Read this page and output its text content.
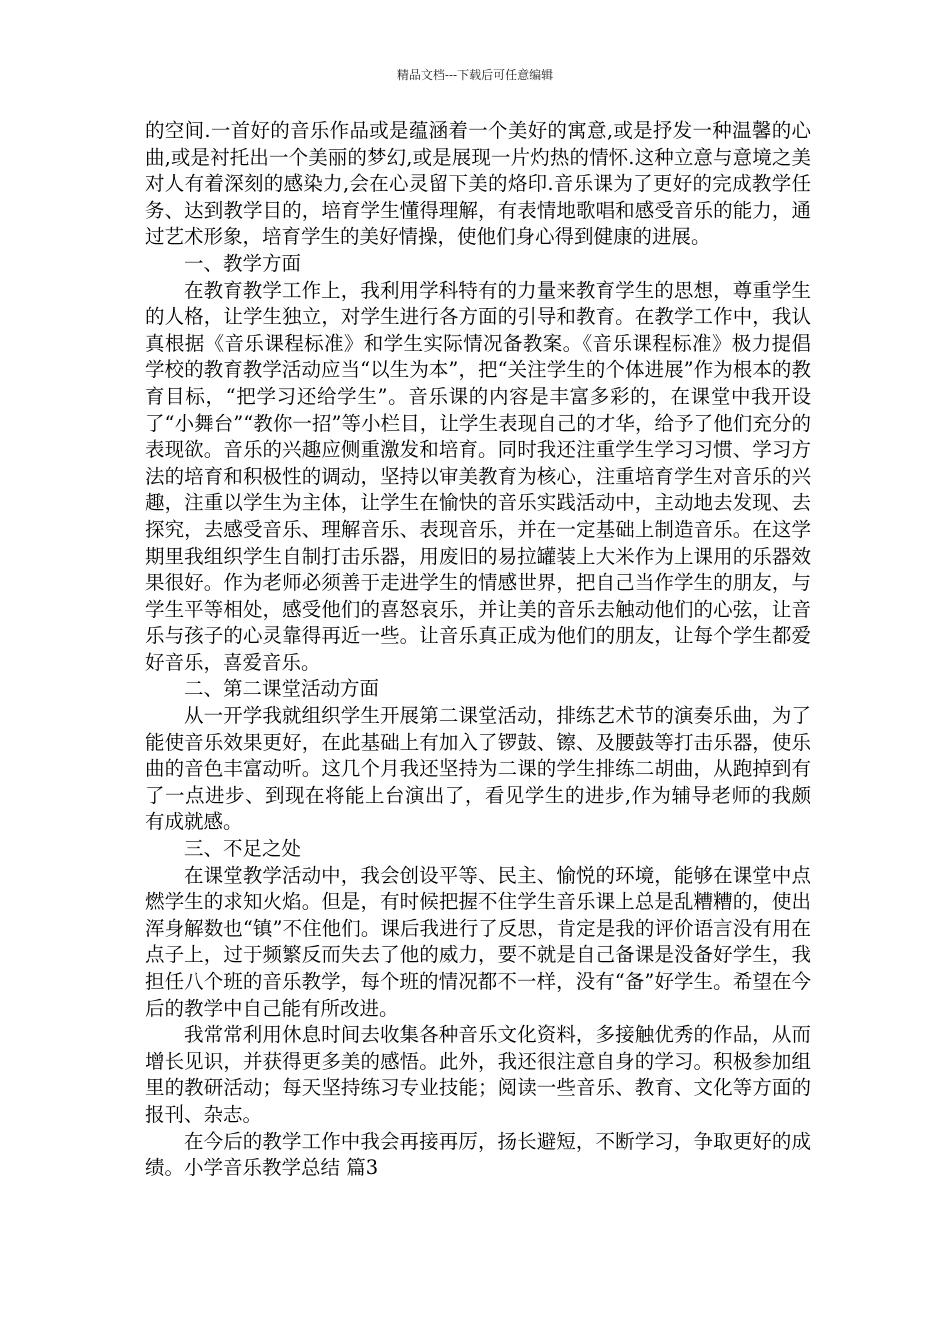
精品文档---下载后可任意编辑

的空间.一首好的音乐作品或是蕴涵着一个美好的寓意,或是抒发一种温馨的心曲,或是衬托出一个美丽的梦幻,或是展现一片灼热的情怀.这种立意与意境之美对人有着深刻的感染力,会在心灵留下美的烙印.音乐课为了更好的完成教学任务、达到教学目的，培育学生懂得理解，有表情地歌唱和感受音乐的能力，通过艺术形象，培育学生的美好情操，使他们身心得到健康的进展。

一、教学方面

在教育教学工作上，我利用学科特有的力量来教育学生的思想，尊重学生的人格，让学生独立，对学生进行各方面的引导和教育。在教学工作中，我认真根据《音乐课程标准》和学生实际情况备教案。《音乐课程标准》极力提倡学校的教育教学活动应当“以生为本”，把“关注学生的个体进展”作为根本的教育目标，“把学习还给学生”。音乐课的内容是丰富多彩的，在课堂中我开设了“小舞台”“教你一招”等小栏目，让学生表现自己的才华，给予了他们充分的表现欲。音乐的兴趣应侧重激发和培育。同时我还注重学生学习习惯、学习方法的培育和积极性的调动，坚持以审美教育为核心，注重培育学生对音乐的兴趣，注重以学生为主体，让学生在愉快的音乐实践活动中，主动地去发现、去探究，去感受音乐、理解音乐、表现音乐，并在一定基础上制造音乐。在这学期里我组织学生自制打击乐器，用废旧的易拉罐装上大米作为上课用的乐器效果很好。作为老师必须善于走进学生的情感世界，把自己当作学生的朋友，与学生平等相处，感受他们的喜怒哀乐，并让美的音乐去触动他们的心弦，让音乐与孩子的心灵靠得再近一些。让音乐真正成为他们的朋友，让每个学生都爱好音乐，喜爱音乐。

二、第二课堂活动方面

从一开学我就组织学生开展第二课堂活动，排练艺术节的演奏乐曲，为了能使音乐效果更好，在此基础上有加入了锣鼓、镲、及腰鼓等打击乐器，使乐曲的音色丰富动听。这几个月我还坚持为二课的学生排练二胡曲，从跑掉到有了一点进步、到现在将能上台演出了，看见学生的进步,作为辅导老师的我颇有成就感。

三、不足之处

在课堂教学活动中，我会创设平等、民主、愉悦的环境，能够在课堂中点燃学生的求知火焰。但是，有时候把握不住学生音乐课上总是乱糟糟的，使出浑身解数也“镇”不住他们。课后我进行了反思，肯定是我的评价语言没有用在点子上，过于频繁反而失去了他的威力，要不就是自己备课是没备好学生，我担任八个班的音乐教学，每个班的情况都不一样，没有“备”好学生。希望在今后的教学中自己能有所改进。

我常常利用休息时间去收集各种音乐文化资料，多接触优秀的作品，从而增长见识，并获得更多美的感悟。此外，我还很注意自身的学习。积极参加组里的教研活动；每天坚持练习专业技能；阅读一些音乐、教育、文化等方面的报刊、杂志。

在今后的教学工作中我会再接再厉，扬长避短，不断学习，争取更好的成绩。小学音乐教学总结 篇3
